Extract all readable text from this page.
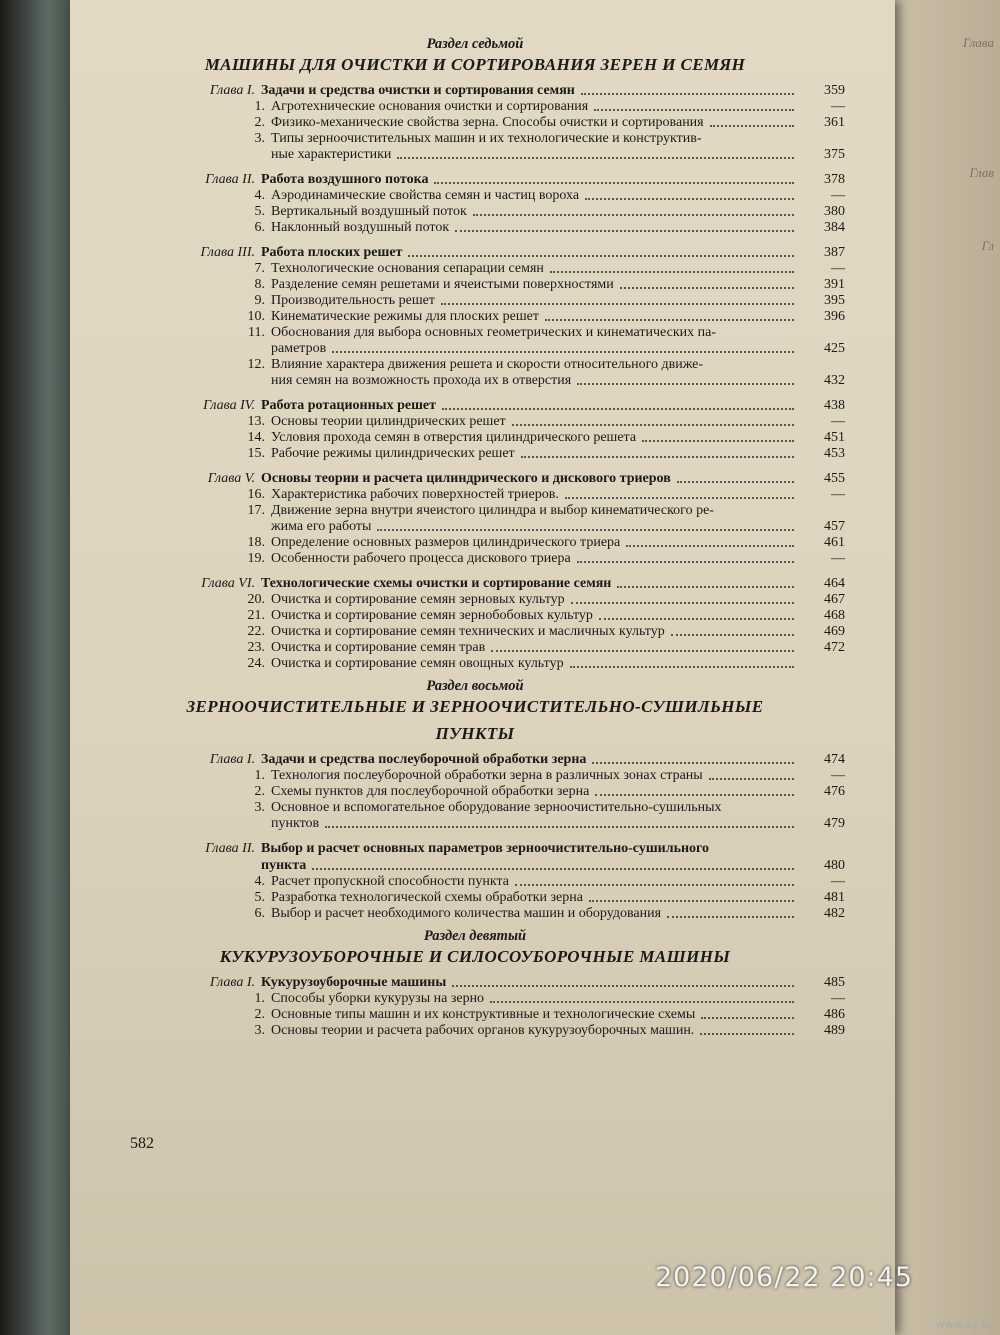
Глава
Глав
Гл
Раздел седьмой
МАШИНЫ ДЛЯ ОЧИСТКИ И СОРТИРОВАНИЯ ЗЕРЕН И СЕМЯН
Глава I. Задачи и средства очистки и сортирования семян	359
1. Агротехнические основания очистки и сортирования	—
2. Физико-механические свойства зерна. Способы очистки и сортирования	361
3. Типы зерноочистительных машин и их технологические и конструктив-
ные характеристики	375
Глава II. Работа воздушного потока	378
4. Аэродинамические свойства семян и частиц вороха	—
5. Вертикальный воздушный поток	380
6. Наклонный воздушный поток	384
Глава III. Работа плоских решет	387
7. Технологические основания сепарации семян	—
8. Разделение семян решетами и ячеистыми поверхностями	391
9. Производительность решет	395
10. Кинематические режимы для плоских решет	396
11. Обоснования для выбора основных геометрических и кинематических па-
раметров	425
12. Влияние характера движения решета и скорости относительного движе-
ния семян на возможность прохода их в отверстия	432
Глава IV. Работа ротационных решет	438
13. Основы теории цилиндрических решет	—
14. Условия прохода семян в отверстия цилиндрического решета	451
15. Рабочие режимы цилиндрических решет	453
Глава V. Основы теории и расчета цилиндрического и дискового триеров	455
16. Характеристика рабочих поверхностей триеров.	—
17. Движение зерна внутри ячеистого цилиндра и выбор кинематического ре-
жима его работы	457
18. Определение основных размеров цилиндрического триера	461
19. Особенности рабочего процесса дискового триера	—
Глава VI. Технологические схемы очистки и сортирование семян	464
20. Очистка и сортирование семян зерновых культур	467
21. Очистка и сортирование семян зернобобовых культур	468
22. Очистка и сортирование семян технических и масличных культур	469
23. Очистка и сортирование семян трав	472
24. Очистка и сортирование семян овощных культур
Раздел восьмой
ЗЕРНООЧИСТИТЕЛЬНЫЕ И ЗЕРНООЧИСТИТЕЛЬНО-СУШИЛЬНЫЕ
ПУНКТЫ
Глава I. Задачи и средства послеуборочной обработки зерна	474
1. Технология послеуборочной обработки зерна в различных зонах страны	—
2. Схемы пунктов для послеуборочной обработки зерна	476
3. Основное и вспомогательное оборудование зерноочистительно-сушильных
пунктов	479
Глава II. Выбор и расчет основных параметров зерноочистительно-сушильного
пункта	480
4. Расчет пропускной способности пункта	—
5. Разработка технологической схемы обработки зерна	481
6. Выбор и расчет необходимого количества машин и оборудования	482
Раздел девятый
КУКУРУЗОУБОРОЧНЫЕ И СИЛОСОУБОРОЧНЫЕ МАШИНЫ
Глава I. Кукурузоуборочные машины	485
1. Способы уборки кукурузы на зерно	—
2. Основные типы машин и их конструктивные и технологические схемы	486
3. Основы теории и расчета рабочих органов кукурузоуборочных машин.	489
582
2020/06/22 20:45
www.ay.by
